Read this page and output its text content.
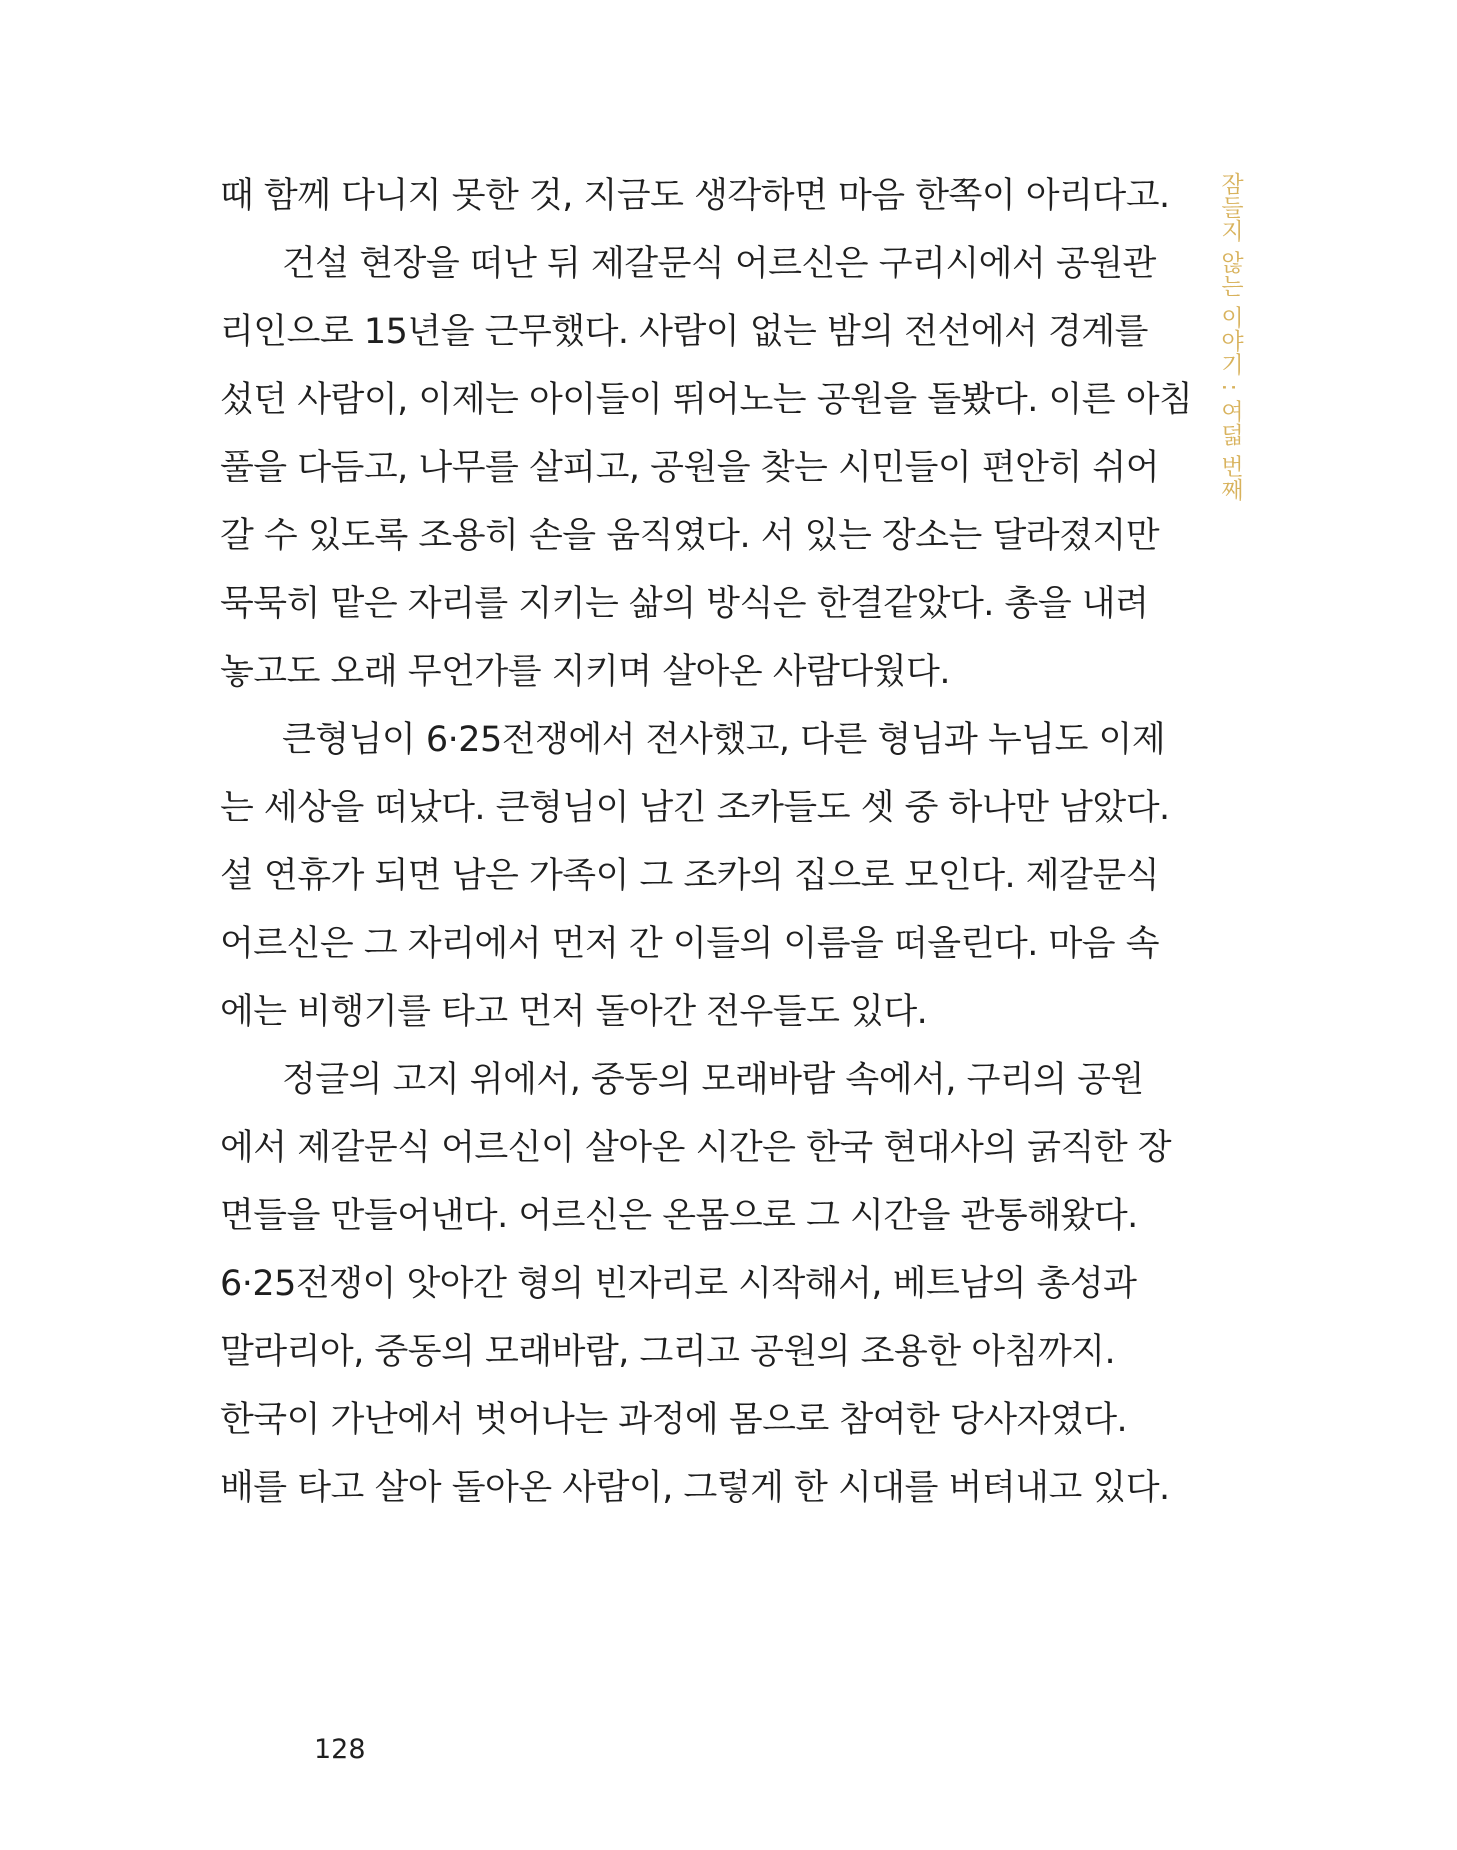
잠들지 않는 이야기 : 여덟 번째
때 함께 다니지 못한 것, 지금도 생각하면 마음 한쪽이 아리다고.
건설 현장을 떠난 뒤 제갈문식 어르신은 구리시에서 공원관
리인으로 15년을 근무했다. 사람이 없는 밤의 전선에서 경계를
섰던 사람이, 이제는 아이들이 뛰어노는 공원을 돌봤다. 이른 아침
풀을 다듬고, 나무를 살피고, 공원을 찾는 시민들이 편안히 쉬어
갈 수 있도록 조용히 손을 움직였다. 서 있는 장소는 달라졌지만
묵묵히 맡은 자리를 지키는 삶의 방식은 한결같았다. 총을 내려
놓고도 오래 무언가를 지키며 살아온 사람다웠다.
큰형님이 6·25전쟁에서 전사했고, 다른 형님과 누님도 이제
는 세상을 떠났다. 큰형님이 남긴 조카들도 셋 중 하나만 남았다.
설 연휴가 되면 남은 가족이 그 조카의 집으로 모인다. 제갈문식
어르신은 그 자리에서 먼저 간 이들의 이름을 떠올린다. 마음 속
에는 비행기를 타고 먼저 돌아간 전우들도 있다.
정글의 고지 위에서, 중동의 모래바람 속에서, 구리의 공원
에서 제갈문식 어르신이 살아온 시간은 한국 현대사의 굵직한 장
면들을 만들어낸다. 어르신은 온몸으로 그 시간을 관통해왔다.
6·25전쟁이 앗아간 형의 빈자리로 시작해서, 베트남의 총성과
말라리아, 중동의 모래바람, 그리고 공원의 조용한 아침까지.
한국이 가난에서 벗어나는 과정에 몸으로 참여한 당사자였다.
배를 타고 살아 돌아온 사람이, 그렇게 한 시대를 버텨내고 있다.
128
